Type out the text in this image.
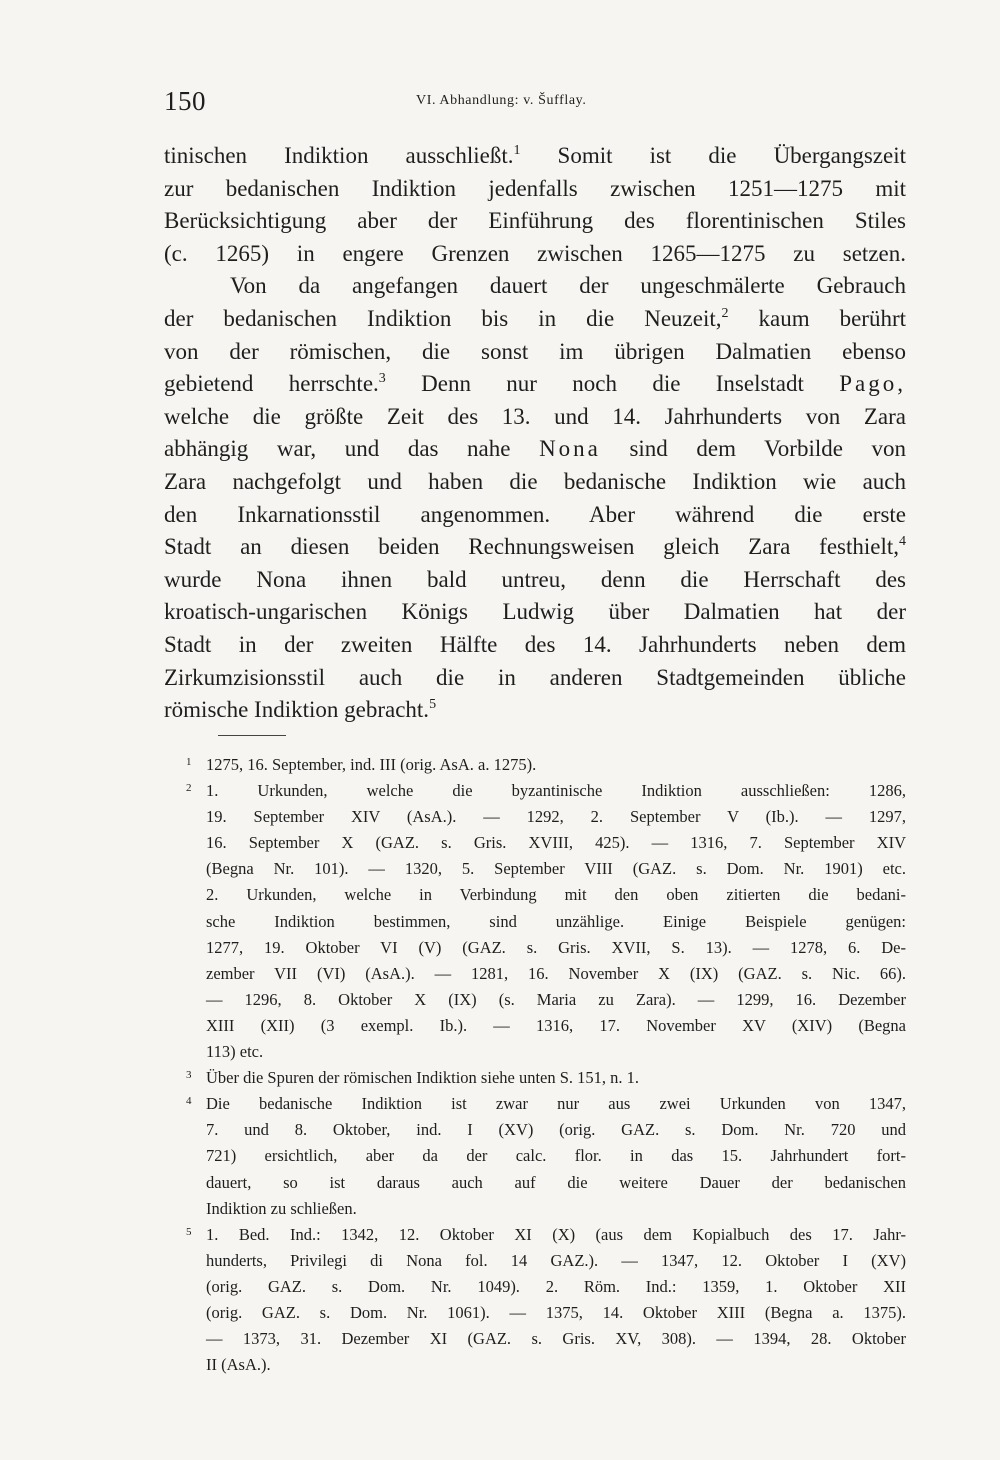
150	VI. Abhandlung: v. Šufflay.
tinischen Indiktion ausschließt.$^1$ Somit ist die Übergangszeit
zur bedanischen Indiktion jedenfalls zwischen 1251—1275 mit
Berücksichtigung aber der Einführung des florentinischen Stiles
(c. 1265) in engere Grenzen zwischen 1265—1275 zu setzen.
Von da angefangen dauert der ungeschmälerte Gebrauch
der bedanischen Indiktion bis in die Neuzeit,$^2$ kaum berührt
von der römischen, die sonst im übrigen Dalmatien ebenso
gebietend herrschte.$^3$ Denn nur noch die Inselstadt Pago,
welche die größte Zeit des 13. und 14. Jahrhunderts von Zara
abhängig war, und das nahe Nona sind dem Vorbilde von
Zara nachgefolgt und haben die bedanische Indiktion wie auch
den Inkarnationsstil angenommen. Aber während die erste
Stadt an diesen beiden Rechnungsweisen gleich Zara festhielt,$^4$
wurde Nona ihnen bald untreu, denn die Herrschaft des
kroatisch-ungarischen Königs Ludwig über Dalmatien hat der
Stadt in der zweiten Hälfte des 14. Jahrhunderts neben dem
Zirkumzisionsstil auch die in anderen Stadtgemeinden übliche
römische Indiktion gebracht.$^5$
1 1275, 16. September, ind. III (orig. AsA. a. 1275).
2 1. Urkunden, welche die byzantinische Indiktion ausschließen: 1286,
19. September XIV (AsA.). — 1292, 2. September V (Ib.). — 1297,
16. September X (GAZ. s. Gris. XVIII, 425). — 1316, 7. September XIV
(Begna Nr. 101). — 1320, 5. September VIII (GAZ. s. Dom. Nr. 1901) etc.
2. Urkunden, welche in Verbindung mit den oben zitierten die bedani-
sche Indiktion bestimmen, sind unzählige. Einige Beispiele genügen:
1277, 19. Oktober VI (V) (GAZ. s. Gris. XVII, S. 13). — 1278, 6. De-
zember VII (VI) (AsA.). — 1281, 16. November X (IX) (GAZ. s. Nic. 66).
— 1296, 8. Oktober X (IX) (s. Maria zu Zara). — 1299, 16. Dezember
XIII (XII) (3 exempl. Ib.). — 1316, 17. November XV (XIV) (Begna
113) etc.
3 Über die Spuren der römischen Indiktion siehe unten S. 151, n. 1.
4 Die bedanische Indiktion ist zwar nur aus zwei Urkunden von 1347,
7. und 8. Oktober, ind. I (XV) (orig. GAZ. s. Dom. Nr. 720 und
721) ersichtlich, aber da der calc. flor. in das 15. Jahrhundert fort-
dauert, so ist daraus auch auf die weitere Dauer der bedanischen
Indiktion zu schließen.
5 1. Bed. Ind.: 1342, 12. Oktober XI (X) (aus dem Kopialbuch des 17. Jahr-
hunderts, Privilegi di Nona fol. 14 GAZ.). — 1347, 12. Oktober I (XV)
(orig. GAZ. s. Dom. Nr. 1049). 2. Röm. Ind.: 1359, 1. Oktober XII
(orig. GAZ. s. Dom. Nr. 1061). — 1375, 14. Oktober XIII (Begna a. 1375).
— 1373, 31. Dezember XI (GAZ. s. Gris. XV, 308). — 1394, 28. Oktober
II (AsA.).
